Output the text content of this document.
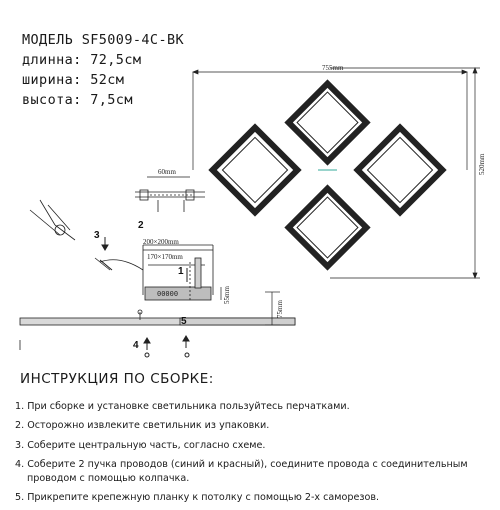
МОДЕЛЬ SF5009-4C-BK
длинна: 72,5см
ширина: 52см
высота: 7,5см
755mm
520mm
60mm
200×200mm
170×170mm
55mm
75mm
00000
1
2
3
4
5
ИНСТРУКЦИЯ ПО СБОРКЕ:
1. При сборке и установке светильника пользуйтесь перчатками.
2. Осторожно извлеките светильник из упаковки.
3. Соберите центральную часть, согласно схеме.
4. Соберите 2 пучка проводов (синий и красный), соедините провода с соединительным
проводом с помощью колпачка.
5. Прикрепите крепежную планку к потолку с помощью 2-х саморезов.
